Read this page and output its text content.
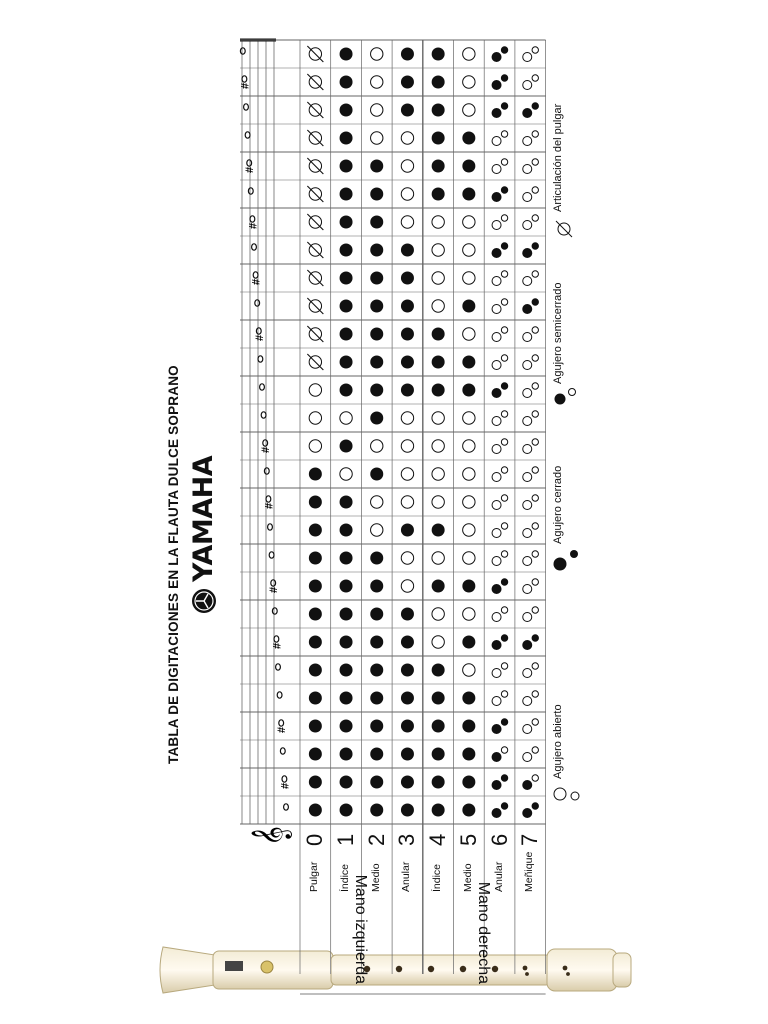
TABLA DE DIGITACIONES EN LA FLAUTA DULCE SOPRANO YAMAHA
𝄞
#
#
#
#
#
#
#
#
#
#
#
0
Pulgar
1
Índice
2
Medio
3
Anular
4
Índice
5
Medio
6
Anular
7
Meñique
Mano izquierda	Mano derecha
Agujero abierto
Agujero cerrado
Agujero semicerrado
Articulación del pulgar
